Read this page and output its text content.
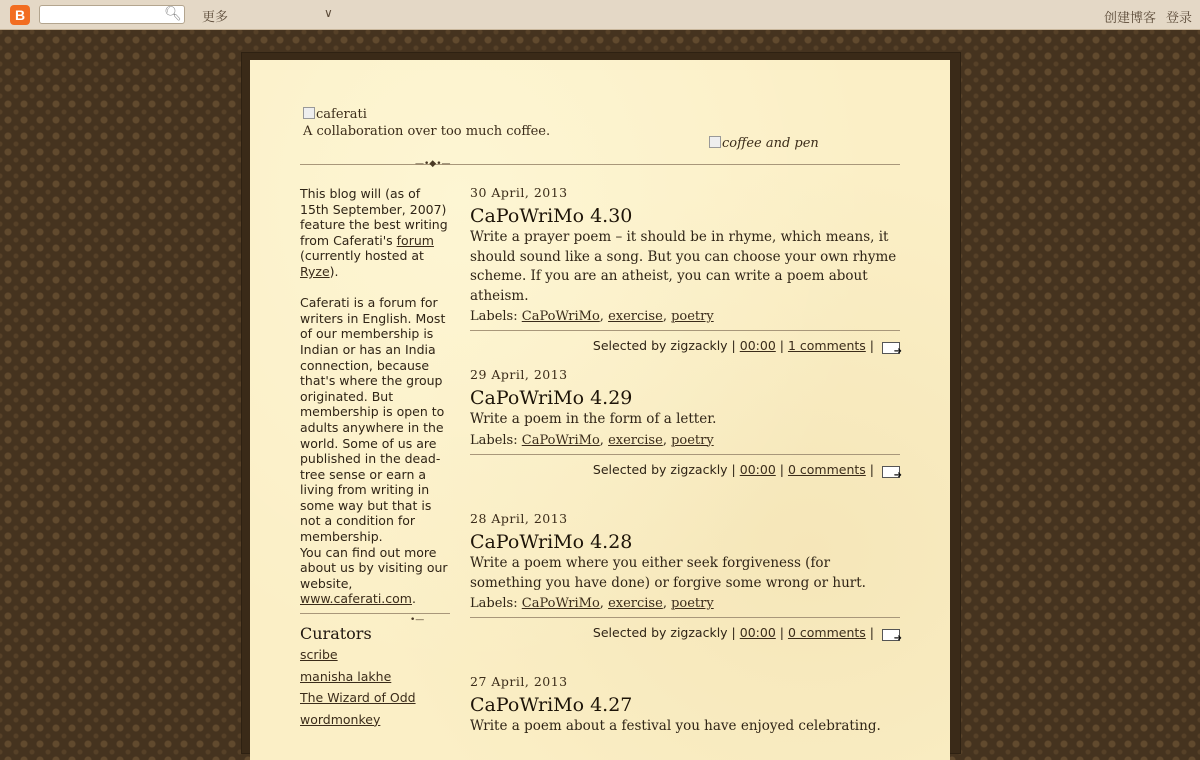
B	🔍︎ 更多	∨	创建博客 登录
caferati
A collaboration over too much coffee.
coffee and pen
—•◆•—

This blog will (as of 15th September, 2007) feature the best writing from Caferati's forum (currently hosted at Ryze).

Caferati is a forum for writers in English. Most of our membership is Indian or has an India connection, because that's where the group originated. But membership is open to adults anywhere in the world. Some of us are published in the dead-tree sense or earn a living from writing in some way but that is not a condition for membership.

You can find out more about us by visiting our website, www.caferati.com.

Curators
scribe
manisha lakhe
The Wizard of Odd
wordmonkey
•—
30 April, 2013
CaPoWriMo 4.30
Write a prayer poem – it should be in rhyme, which means, it should sound like a song. But you can choose your own rhyme scheme. If you are an atheist, you can write a poem about atheism.
Labels: CaPoWriMo, exercise, poetry
Selected by zigzackly | 00:00 | 1 comments |➜
29 April, 2013
CaPoWriMo 4.29
Write a poem in the form of a letter.
Labels: CaPoWriMo, exercise, poetry
Selected by zigzackly | 00:00 | 0 comments |➜
28 April, 2013
CaPoWriMo 4.28
Write a poem where you either seek forgiveness (for something you have done) or forgive some wrong or hurt.
Labels: CaPoWriMo, exercise, poetry
Selected by zigzackly | 00:00 | 0 comments |➜
27 April, 2013
CaPoWriMo 4.27
Write a poem about a festival you have enjoyed celebrating.
